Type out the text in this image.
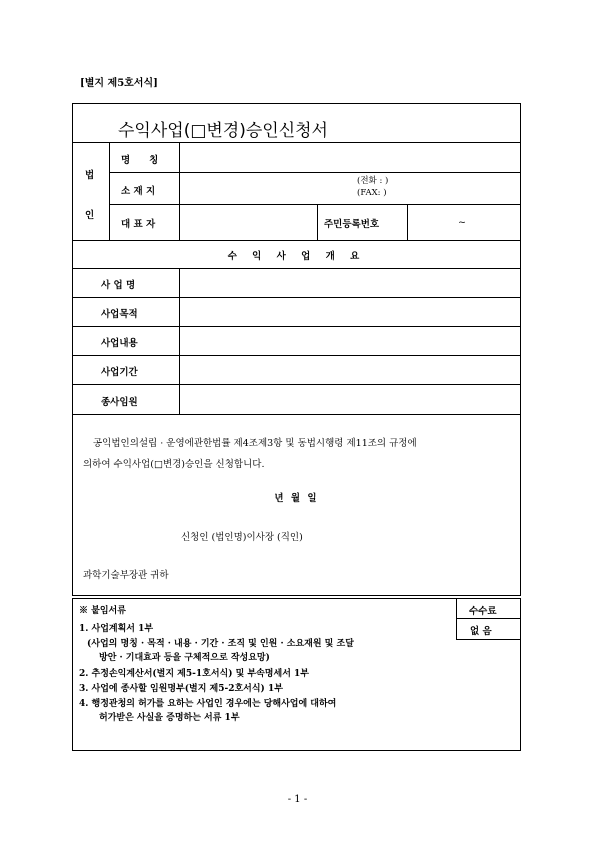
[별지 제5호서식]
수익사업(□변경)승인신청서
법
인
명　　칭
소 재 지
(전화 : )
(FAX: )
대 표 자	주민등록번호	~
수 익 사 업 개 요
사 업 명
사업목적
사업내용
사업기간
종사임원
공익법인의설립 · 운영에관한법률 제4조제3항 및 동법시행령 제11조의 규정에
의하여 수익사업(□변경)승인을 신청합니다.
년 월 일
신청인 (법인명)이사장 (직인)
과학기술부장관 귀하
수수료
없 음
※ 붙임서류
1. 사업계획서 1부
(사업의 명칭 · 목적 · 내용 · 기간 · 조직 및 인원 · 소요재원 및 조달
방안 · 기대효과 등을 구체적으로 작성요망)
2. 추정손익계산서(별지 제5-1호서식) 및 부속명세서 1부
3. 사업에 종사할 임원명부(별지 제5-2호서식) 1부
4. 행정관청의 허가를 요하는 사업인 경우에는 당해사업에 대하여
허가받은 사실을 증명하는 서류 1부
- 1 -
